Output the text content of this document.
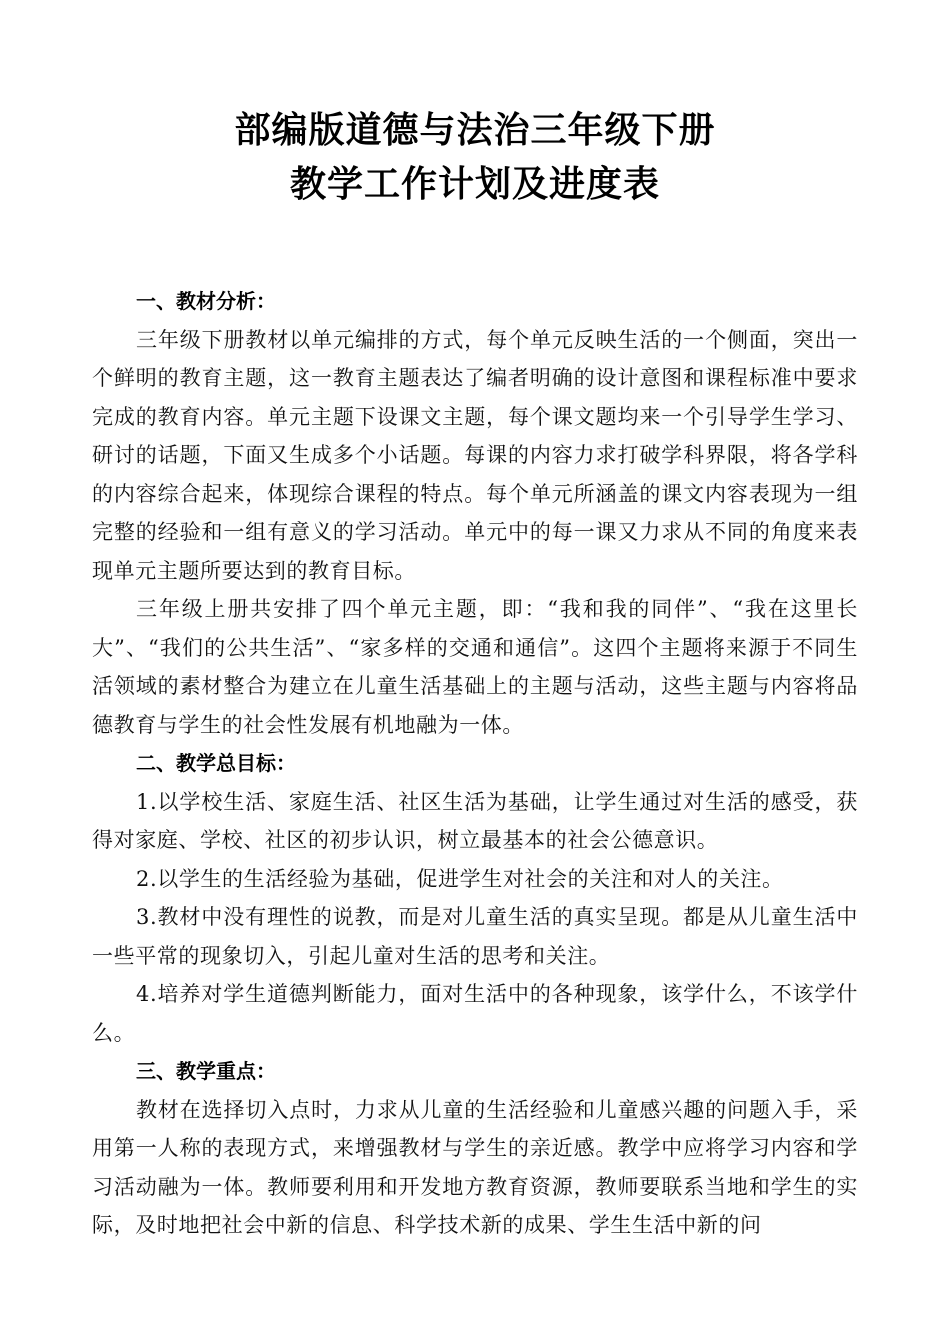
部编版道德与法治三年级下册

教学工作计划及进度表

一、教材分析：

三年级下册教材以单元编排的方式，每个单元反映生活的一个侧面，突出一个鲜明的教育主题，这一教育主题表达了编者明确的设计意图和课程标准中要求完成的教育内容。单元主题下设课文主题，每个课文题均来一个引导学生学习、研讨的话题，下面又生成多个小话题。每课的内容力求打破学科界限，将各学科的内容综合起来，体现综合课程的特点。每个单元所涵盖的课文内容表现为一组完整的经验和一组有意义的学习活动。单元中的每一课又力求从不同的角度来表现单元主题所要达到的教育目标。

三年级上册共安排了四个单元主题，即：“我和我的同伴”、“我在这里长大”、“我们的公共生活”、“家多样的交通和通信”。这四个主题将来源于不同生活领域的素材整合为建立在儿童生活基础上的主题与活动，这些主题与内容将品德教育与学生的社会性发展有机地融为一体。

二、教学总目标：

1.以学校生活、家庭生活、社区生活为基础，让学生通过对生活的感受，获得对家庭、学校、社区的初步认识，树立最基本的社会公德意识。

2.以学生的生活经验为基础，促进学生对社会的关注和对人的关注。

3.教材中没有理性的说教，而是对儿童生活的真实呈现。都是从儿童生活中一些平常的现象切入，引起儿童对生活的思考和关注。

4.培养对学生道德判断能力，面对生活中的各种现象，该学什么，不该学什么。

三、教学重点：

教材在选择切入点时，力求从儿童的生活经验和儿童感兴趣的问题入手，采用第一人称的表现方式，来增强教材与学生的亲近感。教学中应将学习内容和学习活动融为一体。教师要利用和开发地方教育资源，教师要联系当地和学生的实际，及时地把社会中新的信息、科学技术新的成果、学生生活中新的问
